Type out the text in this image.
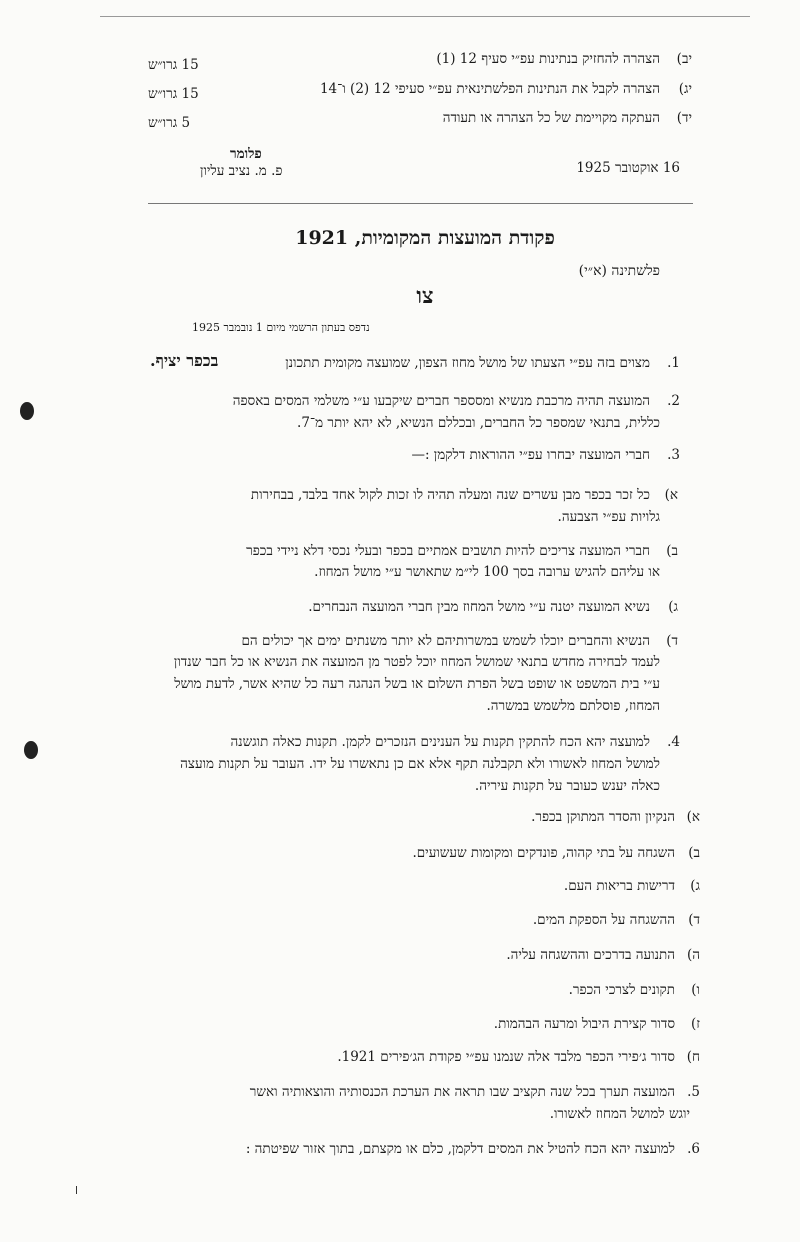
יב)
הצהרה להחזיק בנתינות עפ״י סעיף 12 (1)
15 גרו״ש
יג)
הצהרה לקבל את הנתינות הפלשתינאית עפ״י סעיפי 12 (2) ו־14
15 גרו״ש
יד)
העתקה מקויימת של כל הצהרה או תעודה
5 גרו״ש
פלומר
פ. מ. נציב עליון	16 אוקטובר 1925
פקודת המועצות המקומיות, 1921
פלשתינה (א״י)
צו
נדפס בעתון הרשמי מיום 1 נובמבר 1925
1.
מצוים בזה עפ״י הצעתו של מושל מחוז הצפון, שמועצה מקומית תתכונן
בכפר יציף.
2.
המועצה תהיה מרכבת מנשיא ומסספר חברים שיקבעו ע״י משלמי המסים באספה
כללית, בתנאי שמספר כל החברים, ובכללם הנשיא, לא יהא יותר מ־7.
3.
חברי המועצה יבחרו עפ״י ההוראות דלקמן :—
א)
כל זכר בכפר מבן עשרים שנה ומעלה תהיה לו זכות לקול אחד בלבד, בבחירות
גלויות עפ״י הצבעה.
ב)
חברי המועצה צריכים להיות תושבים אמתיים בכפר ובעלי נכסי דלא ניידי בכפר
או עליהם להגיש ערובה בסך 100 לי״מ שתאושר ע״י מושל המחוז.
ג)
נשיא המועצה יטנה ע״י מושל המחוז מבין חברי המועצה הנבחרים.
ד)
הנשיא והחברים יוכלו לשמש במשרותיהם לא יותר משנתים ימים אך יכולים הם
לעמד לבחירה מחדש בתנאי שמושל המחוז יוכל לפטר מן המועצה את הנשיא או כל חבר שנדון
ע״י בית המשפט או שופט בשל הפרת השלום או בשל הנהגה רעה כל שהיא אשר, לדעת מושל
המחוז, פוסלתם מלשמש במשרה.
4.
למועצה יהא הכח להתקין תקנות על הענינים הנזכרים לקמן. תקנות כאלה תוגשנה
למושל המחוז לאשורו ולא תקבלנה תקף אלא אם כן נתאשרו על ידו. העובר על תקנות מועצה
כאלה יענש כעובר על תקנות עיריה.
א)
הנקיון והסדר המתוקן בכפר.
ב)
השגחה על בתי קהוה, פונדקים ומקומות שעשועים.
ג)
דרישות בריאות העם.
ד)
ההשגחה על הספקת המים.
ה)
התנועה בדרכים וההשגחה עליה.
ו)
תקונים לצרכי הכפר.
ז)
סדור קצירת היבול ומרעה הבהמות.
ח)
סדור ג׳פירי הכפר מלבד אלה שנמנו עפ״י פקודת הג׳פירים 1921.
5.
המועצה תערך בכל שנה תקציב שבו תראה את הערכת הכנסותיה והוצאותיה ואשר
יוגש למושל המחוז לאשורו.
6.
למועצה יהא הכח להטיל את המסים דלקמן, כלם או מקצתם, בתוך אזור שפיטתה :
